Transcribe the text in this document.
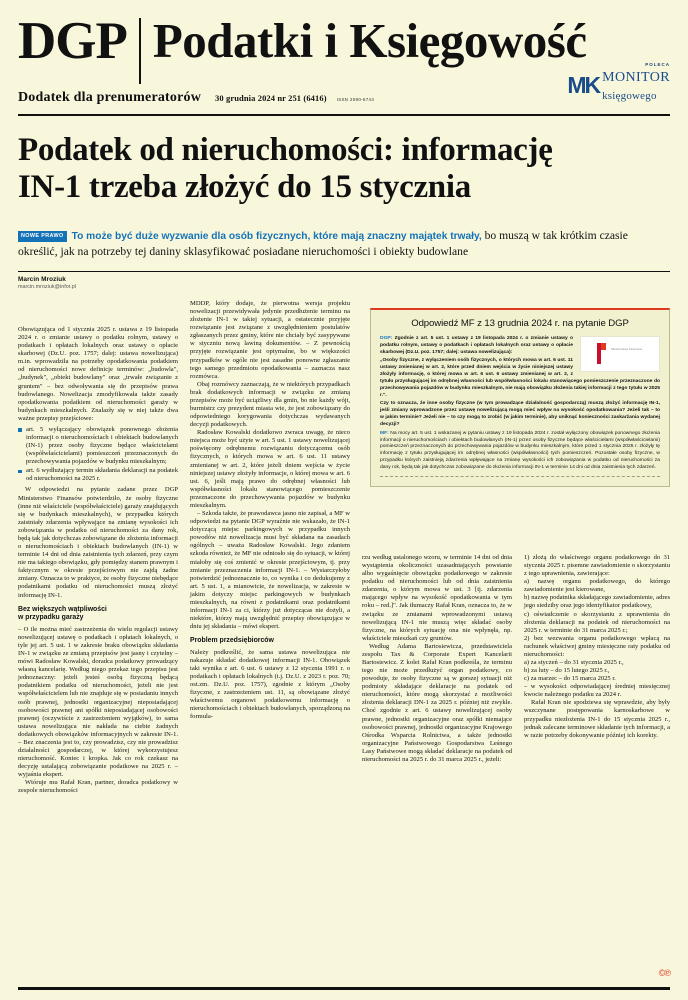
DGP Podatki i Księgowość
Dodatek dla prenumeratorów 30 grudnia 2024 nr 251 (6416) ISSN 2080-6744
POLECA
MK MONITOR
księgowego
Podatek od nieruchomości: informację
IN-1 trzeba złożyć do 15 stycznia
NOWE PRAWO To może być duże wyzwanie dla osób fizycznych, które mają znaczny majątek trwały, bo muszą w tak krótkim czasie określić, jak na potrzeby tej daniny sklasyfikować posiadane nieruchomości i obiekty budowlane
Marcin Mroziuk
marcin.mroziuk@infor.pl

Obowiązująca od 1 stycznia 2025 r. ustawa z 19 listopada 2024 r. o zmianie ustawy o podatku rolnym, ustawy o podatkach i opłatach lokalnych oraz ustawy o opłacie skarbowej (Dz.U. poz. 1757; dalej: ustawa nowelizująca) m.in. wprowadziła na potrzeby opodatkowania podatkiem od nieruchomości nowe definicje terminów: „budowla", „budynek", „obiekt budowlany" oraz „trwałe związanie z gruntem" – bez odwoływania się do przepisów prawa budowlanego. Nowelizacja zmodyfikowała także zasady opodatkowania podatkiem od nieruchomości garaży w budynkach mieszkalnych. Znalazły się w niej także dwa ważne przepisy przejściowe:

art. 5 wyłączający obowiązek ponownego złożenia informacji o nieruchomościach i obiektach budowlanych (IN-1) przez osoby fizyczne będące właścicielami (współwłaścicielami) pomieszczeń przeznaczonych do przechowywania pojazdów w budynku mieszkalnym;
art. 6 wydłużający termin składania deklaracji na podatek od nieruchomości na 2025 r.

W odpowiedzi na pytanie zadane przez DGP Ministerstwo Finansów potwierdziło, że osoby fizyczne (inne niż właściciele (współwłaściciele) garaży znajdujących się w budynkach mieszkalnych), w przypadku których zaistniały zdarzenia wpływające na zmianę wysokości ich zobowiązania w podatku od nieruchomości za dany rok, będą tak jak dotychczas zobowiązane do złożenia informacji o nieruchomościach i obiektach budowlanych (IN-1) w terminie 14 dni od dnia zaistnienia tych zdarzeń, przy czym nie ma takiego obowiązku, gdy pomiędzy stanem prawnym i faktycznym w okresie przejściowym nie zajdą żadne zmiany. Oznacza to w praktyce, że osoby fizyczne niebędące podatnikami podatku od nieruchomości muszą złożyć informację IN-1.

Bez większych wątpliwości
w przypadku garaży

– O ile można mieć zastrzeżenia do wielu regulacji ustawy nowelizującej ustawę o podatkach i opłatach lokalnych, o tyle jej art. 5 ust. 1 w zakresie braku obowiązku składania IN-1 w związku ze zmianą przepisów jest jasny i czytelny – mówi Radosław Kowalski, doradca podatkowy prowadzący własną kancelarię. Według niego przekaz tego przepisu jest jednoznaczny: jeżeli jesteś osobą fizyczną będącą podatnikiem podatku od nieruchomości, jeżeli nie jest współwłaścicielem lub nie znajduje się w posiadaniu innych osób prawnej, jednostki organizacyjnej nieposiadającej osobowości prawnej ani spółki nieposiadającej osobowości prawnej (oczywiście z zastrzeżeniem wyjątków), to sama ustawa nowelizująca nie nakłada na ciebie żadnych dodatkowych obowiązków informacyjnych w zakresie IN-1. – Bez znaczenia jest to, czy prowadzisz, czy nie prowadzisz działalności gospodarczej, w której wykorzystujesz nieruchomość. Koniec i kropka. Jak co rok czekasz na decyzję ustalającą zobowiązanie podatkowe na 2025 r. – wyjaśnia ekspert.

Wtóruje mu Rafał Kran, partner, doradca podatkowy w zespole nieruchomości

MDDP, który dodaje, że pierwotna wersja projektu nowelizacji przewidywała jedynie przedłużenie terminu na złożenie IN-1 w takiej sytuacji, a ostatecznie przyjęte rozwiązanie jest związane z uwzględnieniem postulatów zgłaszanych przez gminy, które nie chciały być zasypywane w styczniu nową lawiną dokumentów. – Z pewnością przyjęte rozwiązanie jest optymalne, bo w większości przypadków w ogóle nie jest zasadne ponowne zgłaszanie tego samego przedmiotu opodatkowania – zaznacza nasz rozmówca.

Obaj rozmówcy zaznaczają, że w niektórych przypadkach brak dodatkowych informacji w związku ze zmianą przepisów może być uciążliwy dla gmin, bo nie każdy wójt, burmistrz czy prezydent miasta wie, że jest zobowiązany do odpowiedniego korygowania dotychczas wydawanych decyzji podatkowych.

Radosław Kowalski dodatkowo zwraca uwagę, że nieco miejsca może być użyte w art. 5 ust. 1 ustawy nowelizującej poświęcony odrębnemu rozwiązaniu dotyczącemu osób fizycznych, o których mowa w art. 6 ust. 11 ustawy zmienianej w art. 2, które jeżeli dniem wejścia w życie niniejszej ustawy złożyły informacje, o której mowa w art. 6 ust. 6, jeśli mają prawo do odrębnej własności lub współwłasności lokalu stanowiącego pomieszczenie przeznaczone do przechowywania pojazdów w budynku mieszkalnym.

– Szkoda także, że prawodawca jasno nie zapisał, a MF w odpowiedzi na pytanie DGP wyraźnie nie wskazało, że IN-1 dotyczącą miejsc parkingowych w przypadku innych powodów niż nowelizacja musi być składana na zasadach ogólnych – uważa Radosław Kowalski. Jego zdaniem szkoda również, że MF nie odniosło się do sytuacji, w której miałoby się coś zmienić w okresie przejściowym, tj. przy zmianie przeznaczenia informacji IN-1. – Wystarczyłoby potwierdzić jednoznacznie to, co wynika i co dedukujemy z art. 5 ust. 1, a mianowicie, że nowelizacja, w zakresie w jakim dotyczy miejsc parkingowych w budynkach mieszkalnych, na równi z podatnikami oraz podatnikami informacji IN-1 za ci, którzy już dotyczącas nie dożyli, a niektóre, którzy mają uwzględnić przepisy obowiązujące w dniu jej składania – mówi ekspert.

Problem przedsiębiorców

Należy podkreślić, że sama ustawa nowelizująca nie nakazuje składać dodatkowej informacji IN-1. Obowiązek taki wynika z art. 6 ust. 6 ustawy z 12 stycznia 1991 r. o podatkach i opłatach lokalnych (t.j. Dz.U. z 2023 r. poz. 70; ost.zm. Dz.U. poz. 1757), zgodnie z którym „Osoby fizyczne, z zastrzeżeniem ust. 11, są obowiązane złożyć właściwemu organowi podatkowemu informację o nieruchomościach i obiektach budowlanych, sporządzoną na formula-

rzu według ustalonego wzoru, w terminie 14 dni od dnia wystąpienia okoliczności uzasadniających powstanie albo wygaśnięcie obowiązku podatkowego w zakresie podatku od nieruchomości lub od dnia zaistnienia zdarzenia, o którym mowa w ust. 3 [tj. zdarzenia mającego wpływ na wysokość opodatkowania w tym roku – red.]". Jak tłumaczy Rafał Kran, oznacza to, że w związku ze zmianami wprowadzonymi ustawą nowelizującą IN-1 nie muszą więc składać osoby fizyczne, na których sytuację ona nie wpłynęła, np. właściciele mieszkań czy gruntów.

Według Adama Bartosiewicza, przedstawiciela zespołu Tax & Corporate Expert Kancelarii Bartosiewicz. Z kolei Rafał Kran podkreśla, że terminu tego nie może przedłużyć organ podatkowy, co powoduje, że osoby fizyczne są w gorszej sytuacji niż podmioty składające deklaracje na podatek od nieruchomości, które mogą skorzystać z możliwości złożenia deklaracji DN-1 za 2025 r. później niż zwykle. Choć zgodnie z art. 6 ustawy nowelizującej osoby prawne, jednostki organizacyjne oraz spółki niemające osobowości prawnej, jednostki organizacyjne Krajowego Ośrodka Wsparcia Rolnictwa, a także jednostki organizacyjne Państwowego Gospodarstwa Leśnego Lasy Państwowe mogą składać deklaracje na podatek od nieruchomości na 2025 r. do 31 marca 2025 r., jeżeli:

1) złożą do właściwego organu podatkowego do 31 stycznia 2025 r. pisemne zawiadomienie o skorzystaniu z tego uprawnienia, zawierające:

a) nazwę organu podatkowego, do którego zawiadomienie jest kierowane,

b) nazwę podatnika składającego zawiadomienie, adres jego siedziby oraz jego identyfikator podatkowy,

c) oświadczenie o skorzystaniu z uprawnienia do złożenia deklaracji na podatek od nieruchomości na 2025 r. w terminie do 31 marca 2025 r.;

2) bez wezwania organu podatkowego wpłacą na rachunek właściwej gminy miesięczne raty podatku od nieruchomości:

a) za styczeń – do 31 stycznia 2025 r.,

b) za luty – do 15 lutego 2025 r.,

c) za marzec – do 15 marca 2025 r.

– w wysokości odpowiadającej średniej miesięcznej kwocie należnego podatku za 2024 r.

Rafał Kran nie spodziewa się wprawdzie, aby były wszczynane postępowania karnoskarbowe w przypadku niezłożenia IN-1 do 15 stycznia 2025 r., jednak zalecane terminowe składanie tych informacji, a w razie potrzeby dokonywanie później ich korekty.

Odpowiedź MF z 13 grudnia 2024 r. na pytanie DGP
Ministerstwo Finansów

DGP: Zgodnie z art. 5 ust. 1 ustawy z 19 listopada 2024 r. o zmianie ustawy o podatku rolnym, ustawy o podatkach i opłatach lokalnych oraz ustawy o opłacie skarbowej (Dz.U. poz. 1757; dalej: ustawa nowelizująca):

„Osoby fizyczne, z wyłączeniem osób fizycznych, o których mowa w art. 6 ust. 11 ustawy zmienianej w art. 2, które przed dniem wejścia w życie niniejszej ustawy złożyły informację, o której mowa w art. 6 ust. 6 ustawy zmienianej w art. 2, z tytułu przysługującej im odrębnej własności lub współwłasności lokalu stanowiącego pomieszczenie przeznaczone do przechowywania pojazdów w budynku mieszkalnym, nie mają obowiązku złożenia takiej informacji z tego tytułu w 2025 r.".

Czy to oznacza, że inne osoby fizyczne (w tym prowadzące działalność gospodarczą) muszą złożyć informację IN-1, jeśli zmiany wprowadzone przez ustawę nowelizującą mogą mieć wpływ na wysokość opodatkowania? Jeżeli tak – to w jakim terminie? Jeżeli nie – to czy mogą to zrobić (w jakim terminie), aby uniknąć konieczności zaskarżania wydanej decyzji?

MF: Na mocy art. 5 ust. 1 wskazanej w pytaniu ustawy z 19 listopada 2024 r. został wyłączony obowiązek ponownego złożenia informacji o nieruchomościach i obiektach budowlanych (IN-1) przez osoby fizyczne będące właścicielami (współwłaścicielami) pomieszczeń przeznaczonych do przechowywania pojazdów w budynku mieszkalnym, które przed 1 stycznia 2025 r. złożyły tę informację z tytułu przysługującej im odrębnej własności (współwłasności) tych pomieszczeń. Pozostałe osoby fizyczne, w przypadku których zaistnieją zdarzenia wpływające na zmianę wysokości ich zobowiązania w podatku od nieruchomości za dany rok, będą tak jak dotychczas zobowiązane do złożenia informacji IN-1 w terminie 14 dni od dnia zaistnienia tych zdarzeń.

©℗
